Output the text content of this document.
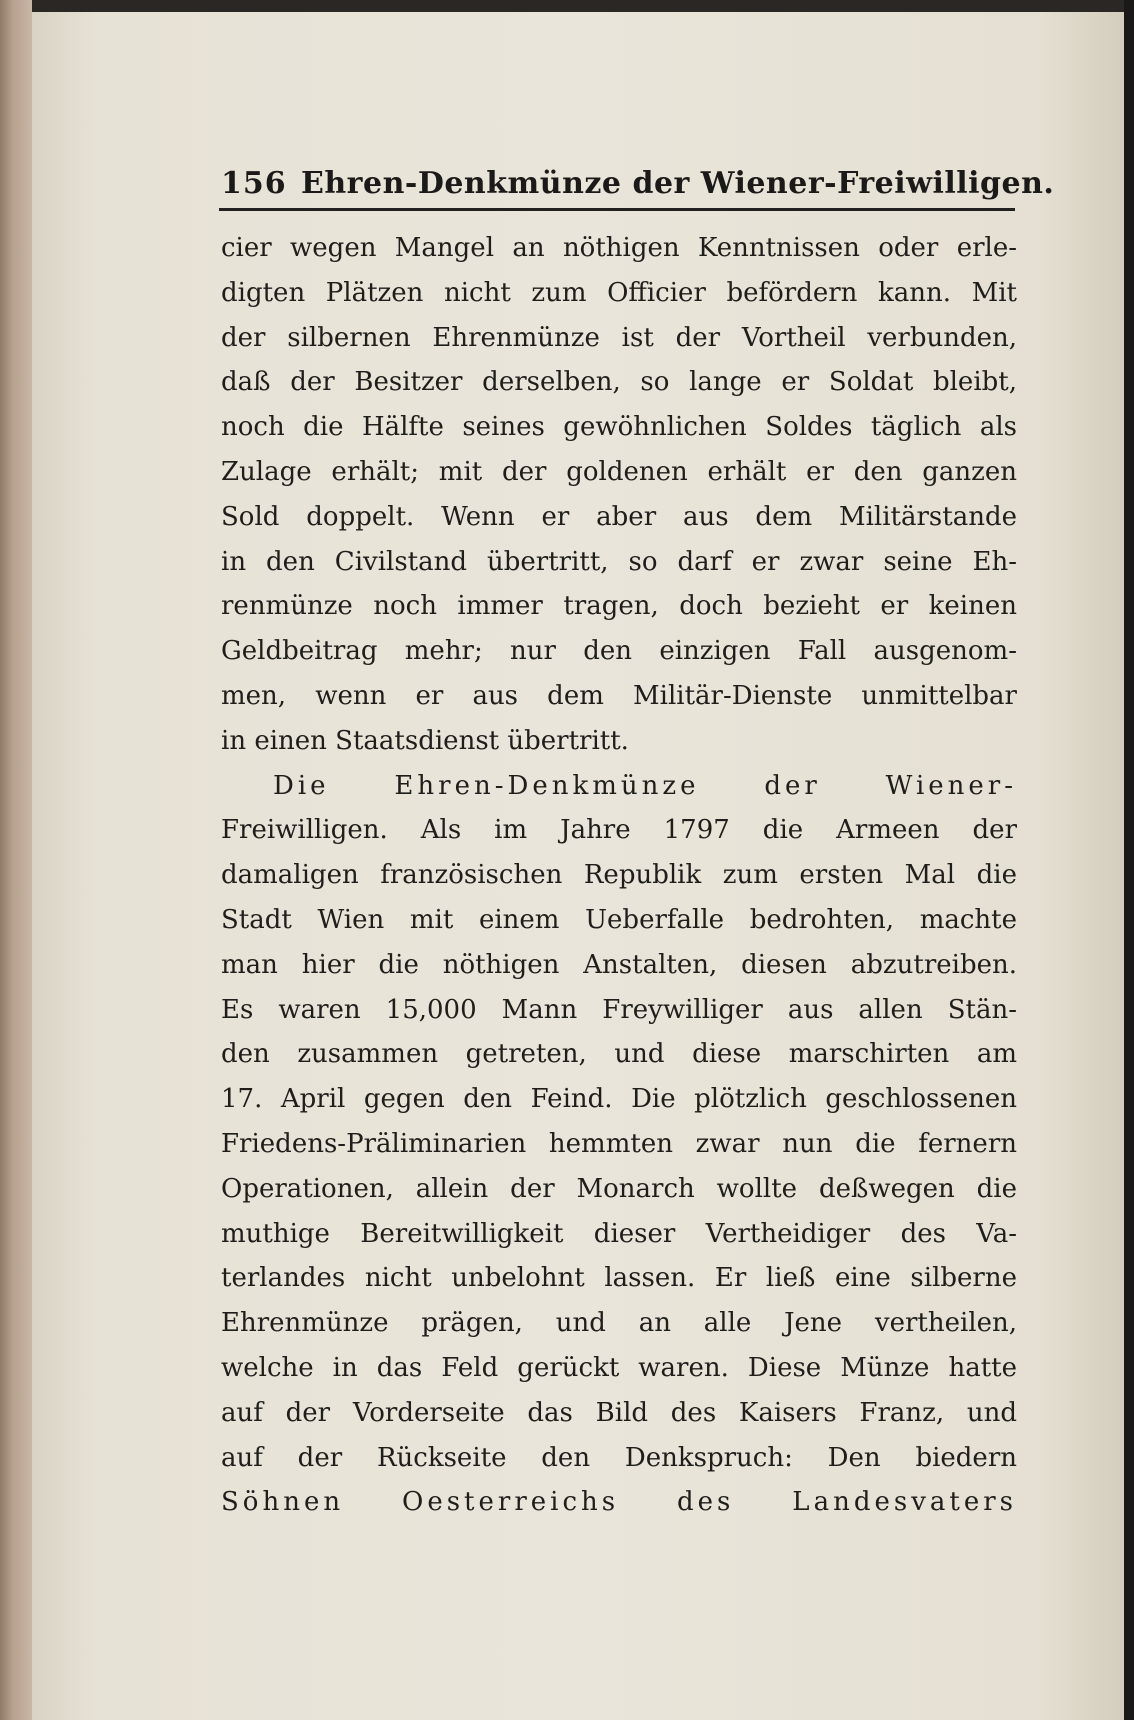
156 Ehren-Denkmünze der Wiener-Freiwilligen.
cier wegen Mangel an nöthigen Kenntnissen oder erle-
digten Plätzen nicht zum Officier befördern kann. Mit
der silbernen Ehrenmünze ist der Vortheil verbunden,
daß der Besitzer derselben, so lange er Soldat bleibt,
noch die Hälfte seines gewöhnlichen Soldes täglich als
Zulage erhält; mit der goldenen erhält er den ganzen
Sold doppelt. Wenn er aber aus dem Militärstande
in den Civilstand übertritt, so darf er zwar seine Eh-
renmünze noch immer tragen, doch bezieht er keinen
Geldbeitrag mehr; nur den einzigen Fall ausgenom-
men, wenn er aus dem Militär-Dienste unmittelbar
in einen Staatsdienst übertritt.
Die Ehren-Denkmünze der Wiener-
Freiwilligen. Als im Jahre 1797 die Armeen der
damaligen französischen Republik zum ersten Mal die
Stadt Wien mit einem Ueberfalle bedrohten, machte
man hier die nöthigen Anstalten, diesen abzutreiben.
Es waren 15,000 Mann Freywilliger aus allen Stän-
den zusammen getreten, und diese marschirten am
17. April gegen den Feind. Die plötzlich geschlossenen
Friedens-Präliminarien hemmten zwar nun die fernern
Operationen, allein der Monarch wollte deßwegen die
muthige Bereitwilligkeit dieser Vertheidiger des Va-
terlandes nicht unbelohnt lassen. Er ließ eine silberne
Ehrenmünze prägen, und an alle Jene vertheilen,
welche in das Feld gerückt waren. Diese Münze hatte
auf der Vorderseite das Bild des Kaisers Franz, und
auf der Rückseite den Denkspruch: Den biedern
Söhnen Oesterreichs des Landesvaters
